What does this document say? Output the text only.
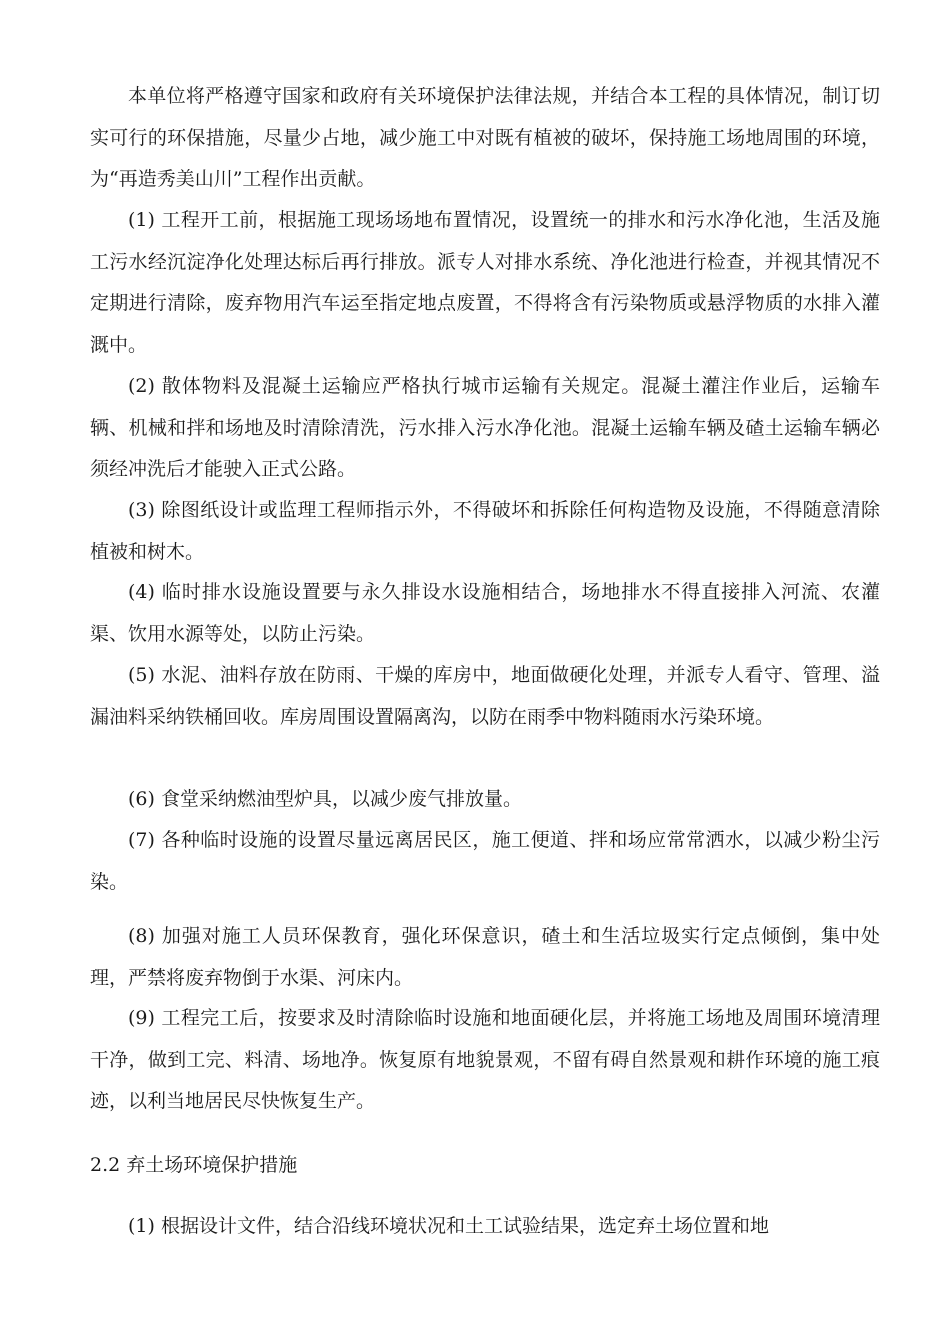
本单位将严格遵守国家和政府有关环境保护法律法规，并结合本工程的具体情况，制订切实可行的环保措施，尽量少占地，减少施工中对既有植被的破坏，保持施工场地周围的环境，为“再造秀美山川”工程作出贡献。

(1) 工程开工前，根据施工现场场地布置情况，设置统一的排水和污水净化池，生活及施工污水经沉淀净化处理达标后再行排放。派专人对排水系统、净化池进行检查，并视其情况不定期进行清除，废弃物用汽车运至指定地点废置，不得将含有污染物质或悬浮物质的水排入灌溉中。

(2) 散体物料及混凝土运输应严格执行城市运输有关规定。混凝土灌注作业后，运输车辆、机械和拌和场地及时清除清洗，污水排入污水净化池。混凝土运输车辆及碴土运输车辆必须经冲洗后才能驶入正式公路。

(3) 除图纸设计或监理工程师指示外，不得破坏和拆除任何构造物及设施，不得随意清除植被和树木。

(4) 临时排水设施设置要与永久排设水设施相结合，场地排水不得直接排入河流、农灌渠、饮用水源等处，以防止污染。

(5) 水泥、油料存放在防雨、干燥的库房中，地面做硬化处理，并派专人看守、管理、溢漏油料采纳铁桶回收。库房周围设置隔离沟，以防在雨季中物料随雨水污染环境。

(6) 食堂采纳燃油型炉具，以减少废气排放量。

(7) 各种临时设施的设置尽量远离居民区，施工便道、拌和场应常常洒水，以减少粉尘污染。

(8) 加强对施工人员环保教育，强化环保意识，碴土和生活垃圾实行定点倾倒，集中处理，严禁将废弃物倒于水渠、河床内。

(9) 工程完工后，按要求及时清除临时设施和地面硬化层，并将施工场地及周围环境清理干净，做到工完、料清、场地净。恢复原有地貌景观，不留有碍自然景观和耕作环境的施工痕迹，以利当地居民尽快恢复生产。

2.2 弃土场环境保护措施

(1) 根据设计文件，结合沿线环境状况和土工试验结果，选定弃土场位置和地
